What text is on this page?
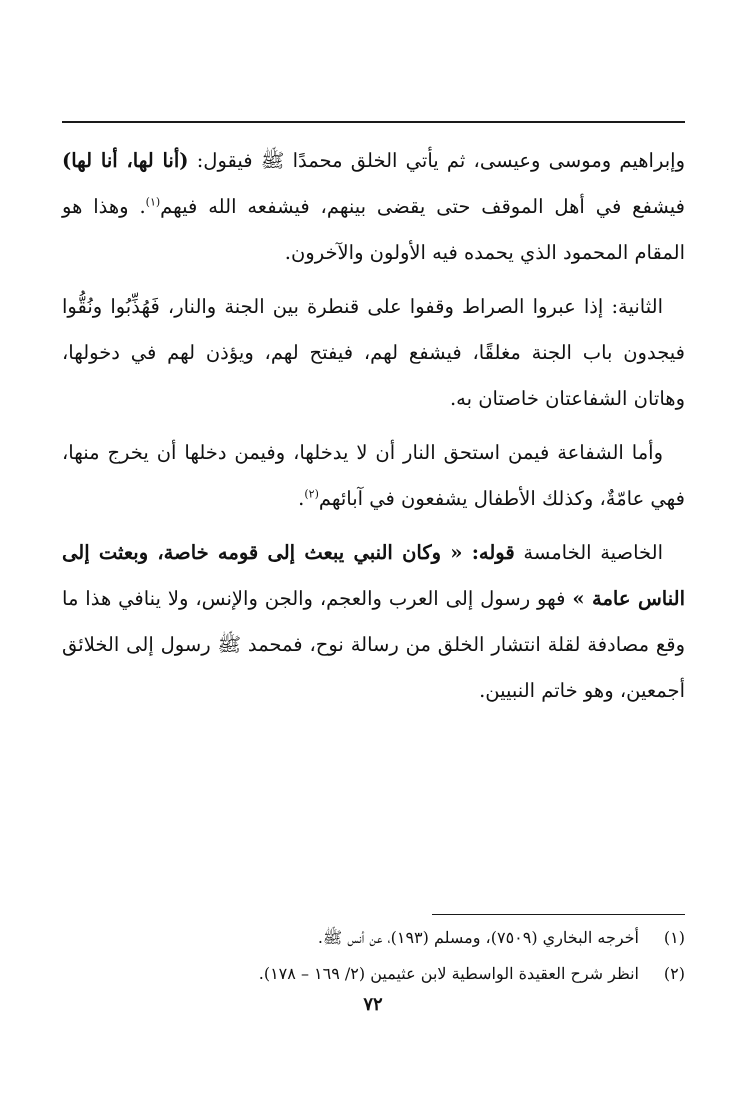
وإبراهيم وموسى وعيسى، ثم يأتي الخلق محمدًا ﷺ فيقول: (أنا لها، أنا لها) فيشفع في أهل الموقف حتى يقضى بينهم، فيشفعه الله فيهم$^{(١)}$. وهذا هو المقام المحمود الذي يحمده فيه الأولون والآخرون.

الثانية: إذا عبروا الصراط وقفوا على قنطرة بين الجنة والنار، فَهُذِّبُوا ونُقُّوا فيجدون باب الجنة مغلقًا، فيشفع لهم، فيفتح لهم، ويؤذن لهم في دخولها، وهاتان الشفاعتان خاصتان به.

وأما الشفاعة فيمن استحق النار أن لا يدخلها، وفيمن دخلها أن يخرج منها، فهي عامّةٌ، وكذلك الأطفال يشفعون في آبائهم$^{(٢)}$.

الخاصية الخامسة قوله: « وكان النبي يبعث إلى قومه خاصة، وبعثت إلى الناس عامة » فهو رسول إلى العرب والعجم، والجن والإنس، ولا ينافي هذا ما وقع مصادفة لقلة انتشار الخلق من رسالة نوح، فمحمد ﷺ رسول إلى الخلائق أجمعين، وهو خاتم النبيين.

(١)
أخرجه البخاري (٧٥٠٩)، ومسلم (١٩٣)، عن أنس ﷺ.
(٢)
انظر شرح العقيدة الواسطية لابن عثيمين (٢/ ١٦٩ – ١٧٨).
٧٢
